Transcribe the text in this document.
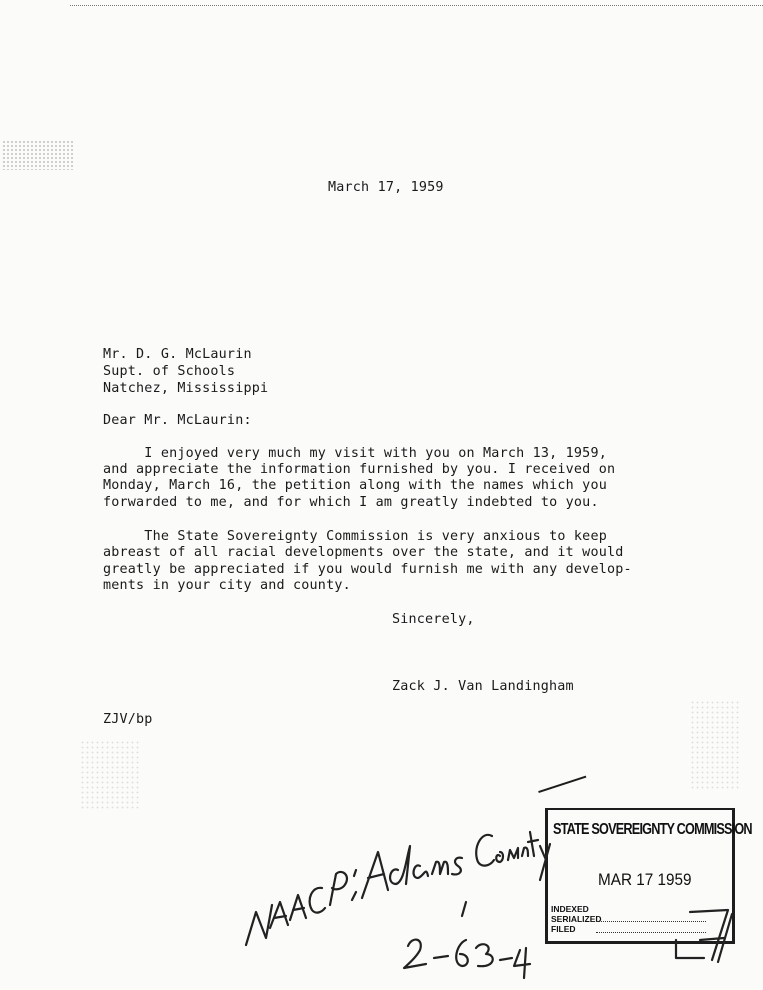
March 17, 1959
Mr. D. G. McLaurin
Supt. of Schools
Natchez, Mississippi
Dear Mr. McLaurin:
I enjoyed very much my visit with you on March 13, 1959,
and appreciate the information furnished by you. I received on
Monday, March 16, the petition along with the names which you
forwarded to me, and for which I am greatly indebted to you.
The State Sovereignty Commission is very anxious to keep
abreast of all racial developments over the state, and it would
greatly be appreciated if you would furnish me with any develop-
ments in your city and county.
Sincerely,
Zack J. Van Landingham
ZJV/bp
STATE SOVEREIGNTY COMMISSION
MAR 17 1959
INDEXED
SERIALIZED
FILED
